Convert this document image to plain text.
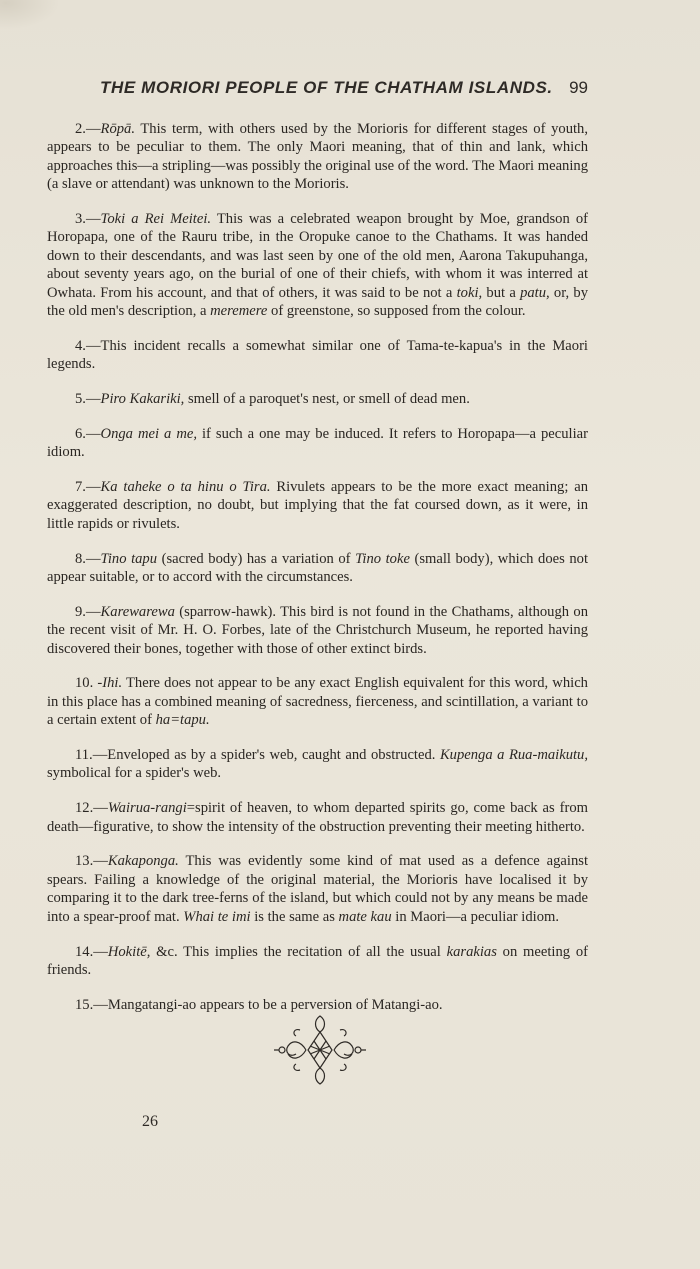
THE MORIORI PEOPLE OF THE CHATHAM ISLANDS. 99

2.—Rōpā. This term, with others used by the Morioris for different stages of youth, appears to be peculiar to them. The only Maori meaning, that of thin and lank, which approaches this—a stripling—was possibly the original use of the word. The Maori meaning (a slave or attendant) was unknown to the Morioris.

3.—Toki a Rei Meitei. This was a celebrated weapon brought by Moe, grandson of Horopapa, one of the Rauru tribe, in the Oropuke canoe to the Chathams. It was handed down to their descendants, and was last seen by one of the old men, Aarona Takupuhanga, about seventy years ago, on the burial of one of their chiefs, with whom it was interred at Owhata. From his account, and that of others, it was said to be not a toki, but a patu, or, by the old men's description, a meremere of greenstone, so supposed from the colour.

4.—This incident recalls a somewhat similar one of Tama-te-kapua's in the Maori legends.

5.—Piro Kakariki, smell of a paroquet's nest, or smell of dead men.

6.—Onga mei a me, if such a one may be induced. It refers to Horopapa—a peculiar idiom.

7.—Ka taheke o ta hinu o Tira. Rivulets appears to be the more exact meaning; an exaggerated description, no doubt, but implying that the fat coursed down, as it were, in little rapids or rivulets.

8.—Tino tapu (sacred body) has a variation of Tino toke (small body), which does not appear suitable, or to accord with the circumstances.

9.—Karewarewa (sparrow-hawk). This bird is not found in the Chathams, although on the recent visit of Mr. H. O. Forbes, late of the Christchurch Museum, he reported having discovered their bones, together with those of other extinct birds.

10. -Ihi. There does not appear to be any exact English equivalent for this word, which in this place has a combined meaning of sacredness, fierceness, and scintillation, a variant to a certain extent of ha=tapu.

11.—Enveloped as by a spider's web, caught and obstructed. Kupenga a Rua-maikutu, symbolical for a spider's web.

12.—Wairua-rangi=spirit of heaven, to whom departed spirits go, come back as from death—figurative, to show the intensity of the obstruction preventing their meeting hitherto.

13.—Kakaponga. This was evidently some kind of mat used as a defence against spears. Failing a knowledge of the original material, the Morioris have localised it by comparing it to the dark tree-ferns of the island, but which could not by any means be made into a spear-proof mat. Whai te imi is the same as mate kau in Maori—a peculiar idiom.

14.—Hokitē, &c. This implies the recitation of all the usual karakias on meeting of friends.

15.—Mangatangi-ao appears to be a perversion of Matangi-ao.

26
